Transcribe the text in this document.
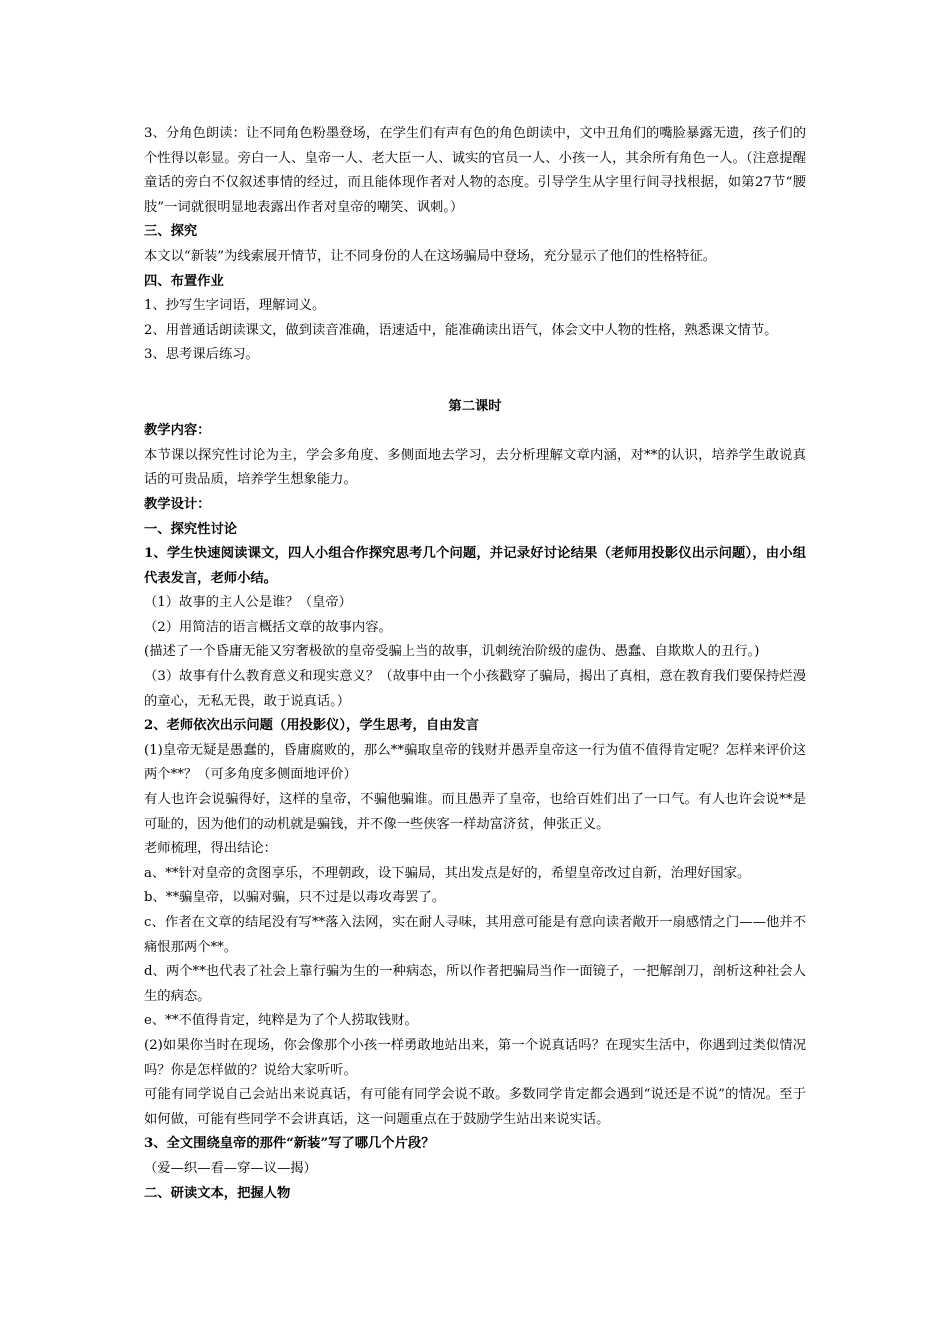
3、分角色朗读：让不同角色粉墨登场，在学生们有声有色的角色朗读中，文中丑角们的嘴脸暴露无遗，孩子们的个性得以彰显。旁白一人、皇帝一人、老大臣一人、诚实的官员一人、小孩一人，其余所有角色一人。（注意提醒童话的旁白不仅叙述事情的经过，而且能体现作者对人物的态度。引导学生从字里行间寻找根据，如第27节“腰肢”一词就很明显地表露出作者对皇帝的嘲笑、讽刺。）

三、探究

本文以“新装”为线索展开情节，让不同身份的人在这场骗局中登场，充分显示了他们的性格特征。

四、布置作业

1、抄写生字词语，理解词义。

2、用普通话朗读课文，做到读音准确，语速适中，能准确读出语气，体会文中人物的性格，熟悉课文情节。

3、思考课后练习。

第二课时

教学内容：

本节课以探究性讨论为主，学会多角度、多侧面地去学习，去分析理解文章内涵，对**的认识，培养学生敢说真话的可贵品质，培养学生想象能力。

教学设计：

一、探究性讨论

1、学生快速阅读课文，四人小组合作探究思考几个问题，并记录好讨论结果（老师用投影仪出示问题），由小组代表发言，老师小结。

（1）故事的主人公是谁？（皇帝）

（2）用简洁的语言概括文章的故事内容。

(描述了一个昏庸无能又穷奢极欲的皇帝受骗上当的故事，讥刺统治阶级的虚伪、愚蠢、自欺欺人的丑行。)

（3）故事有什么教育意义和现实意义？（故事中由一个小孩戳穿了骗局，揭出了真相，意在教育我们要保持烂漫的童心，无私无畏，敢于说真话。）

2、老师依次出示问题（用投影仪），学生思考，自由发言

(1)皇帝无疑是愚蠢的，昏庸腐败的，那么**骗取皇帝的钱财并愚弄皇帝这一行为值不值得肯定呢？怎样来评价这两个**？（可多角度多侧面地评价）

有人也许会说骗得好，这样的皇帝，不骗他骗谁。而且愚弄了皇帝，也给百姓们出了一口气。有人也许会说**是可耻的，因为他们的动机就是骗钱，并不像一些侠客一样劫富济贫，伸张正义。

老师梳理，得出结论：

a、**针对皇帝的贪图享乐，不理朝政，设下骗局，其出发点是好的，希望皇帝改过自新，治理好国家。

b、**骗皇帝，以骗对骗，只不过是以毒攻毒罢了。

c、作者在文章的结尾没有写**落入法网，实在耐人寻味，其用意可能是有意向读者敞开一扇感情之门——他并不痛恨那两个**。

d、两个**也代表了社会上靠行骗为生的一种病态，所以作者把骗局当作一面镜子，一把解剖刀，剖析这种社会人生的病态。

e、**不值得肯定，纯粹是为了个人捞取钱财。

(2)如果你当时在现场，你会像那个小孩一样勇敢地站出来，第一个说真话吗？在现实生活中，你遇到过类似情况吗？你是怎样做的？说给大家听听。

可能有同学说自己会站出来说真话，有可能有同学会说不敢。多数同学肯定都会遇到“说还是不说”的情况。至于如何做，可能有些同学不会讲真话，这一问题重点在于鼓励学生站出来说实话。

3、全文围绕皇帝的那件“新装”写了哪几个片段？

（爱—织—看—穿—议—揭）

二、研读文本，把握人物
